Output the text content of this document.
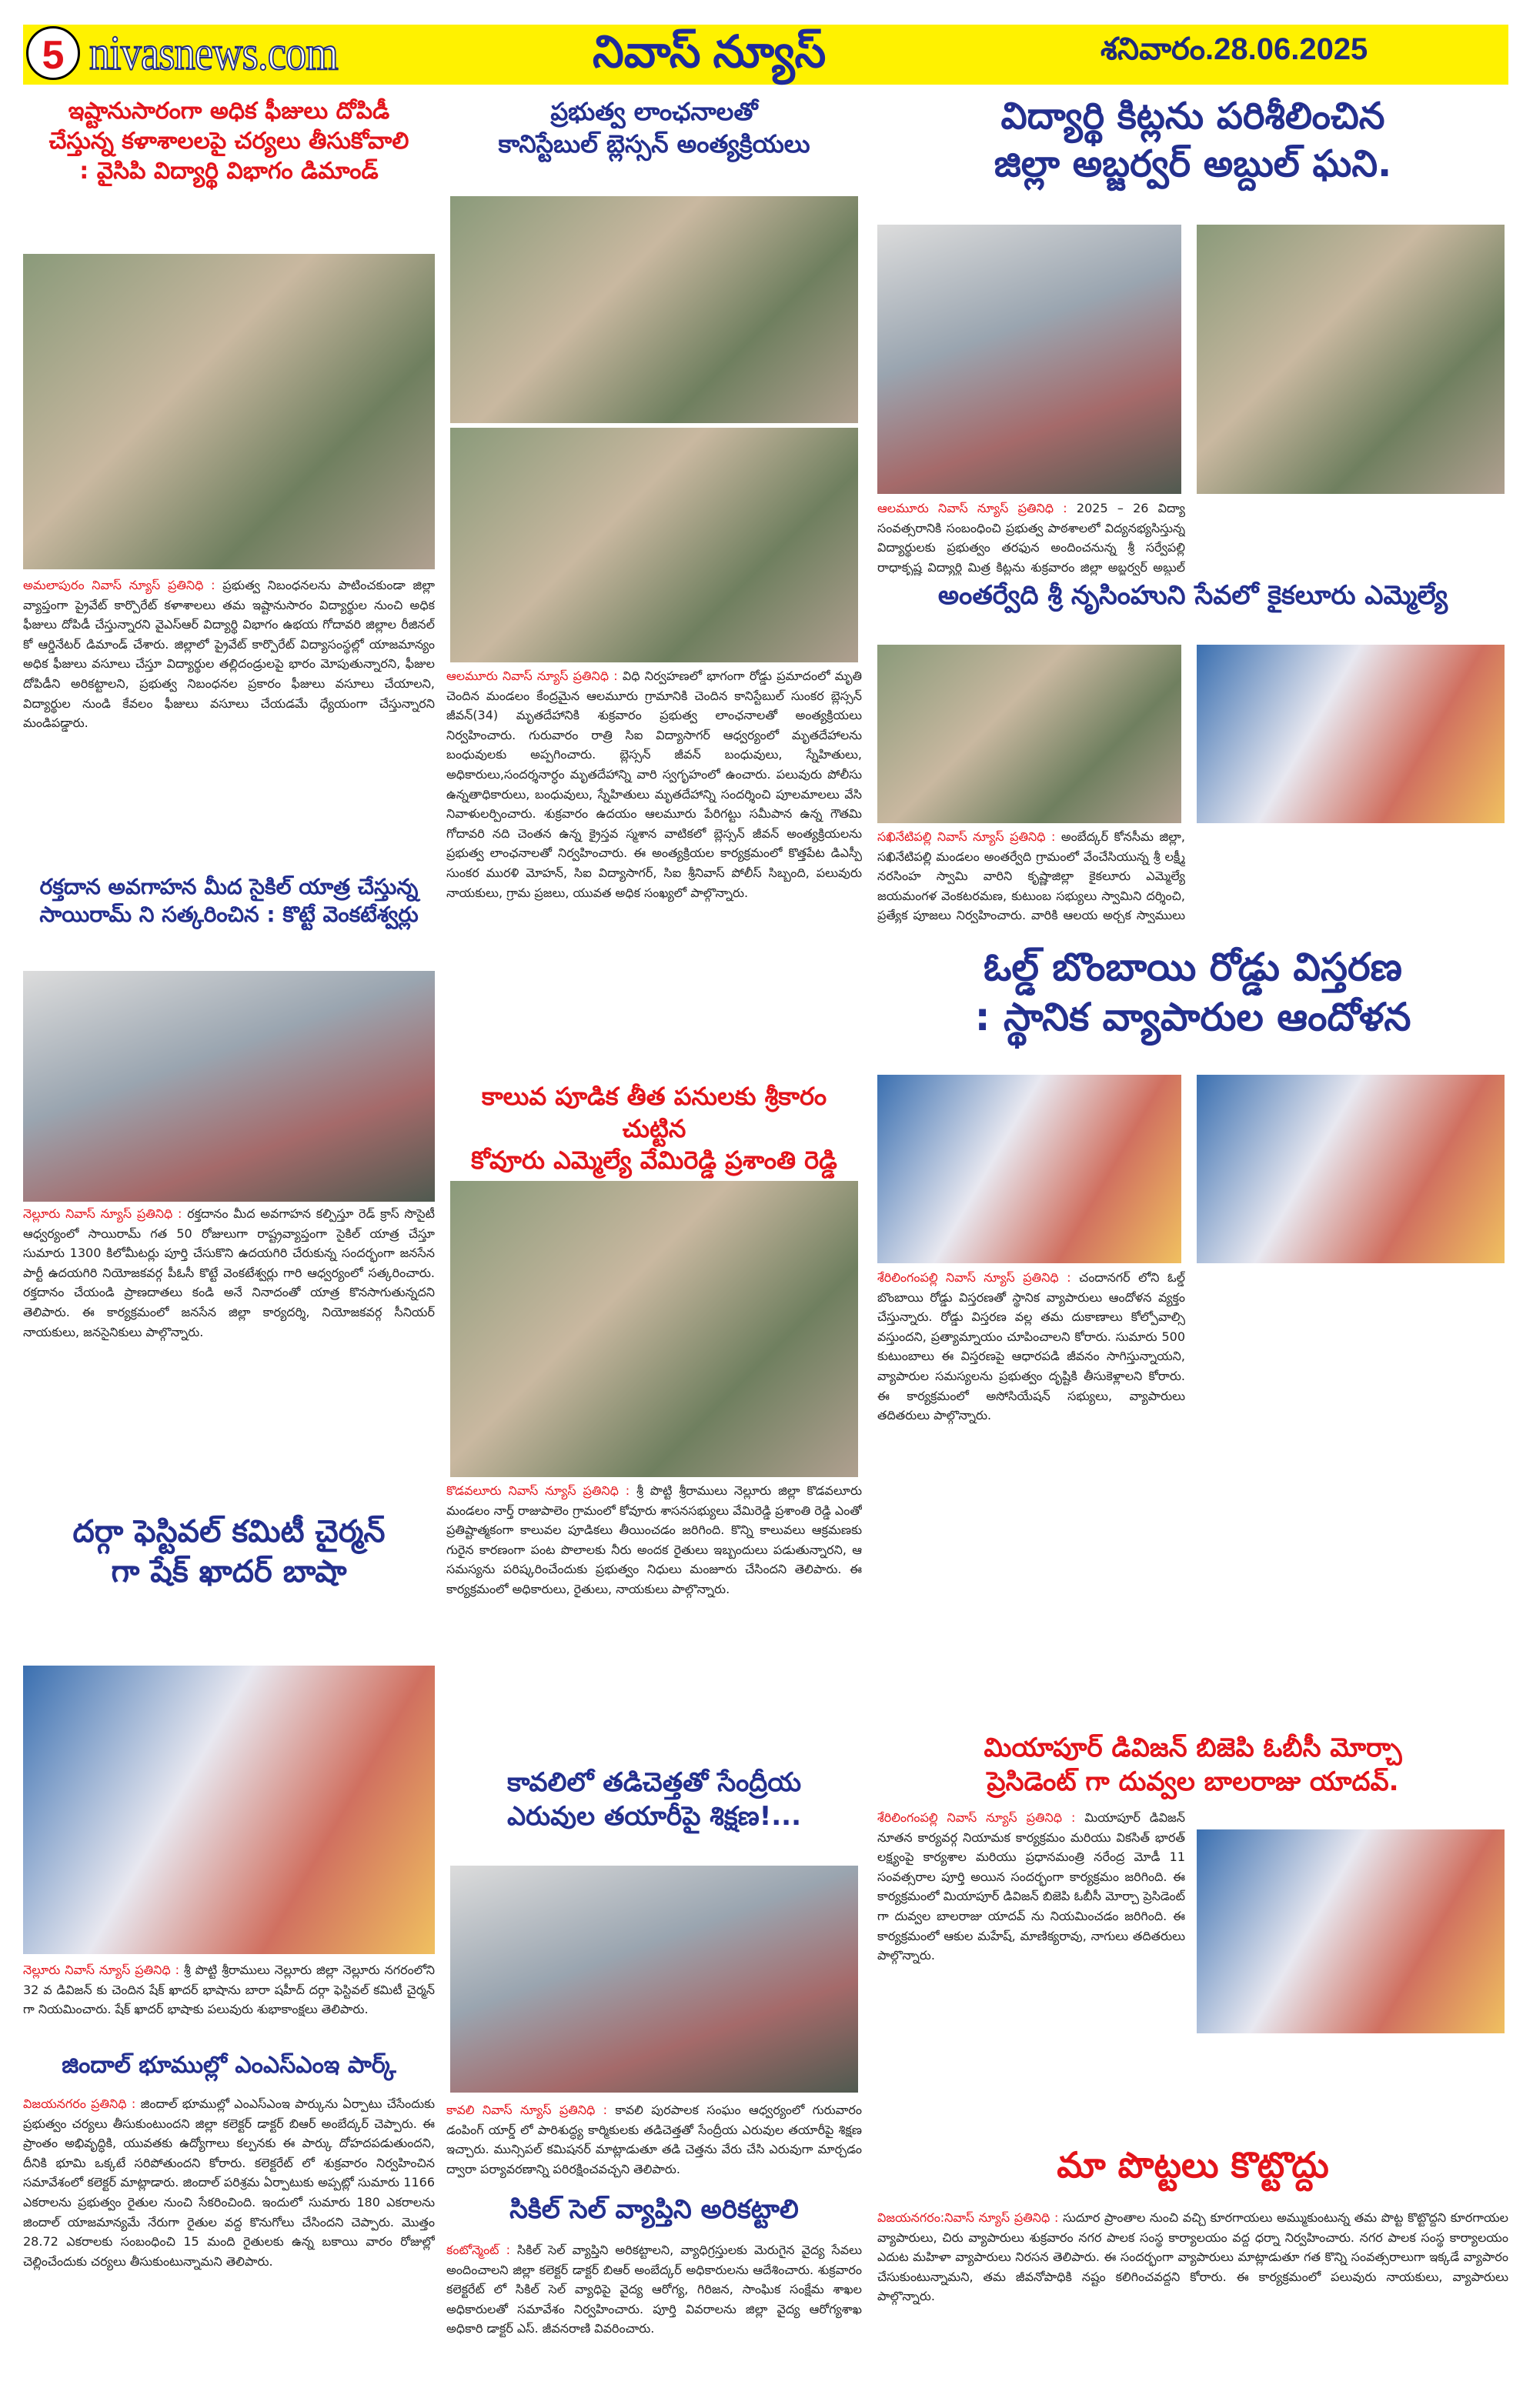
5 nivasnews.com	నివాస్ న్యూస్	శనివారం.28.06.2025
ఇష్టానుసారంగా అధిక ఫీజులు దోపిడీ
చేస్తున్న కళాశాలలపై చర్యలు తీసుకోవాలి
: వైసిపి విద్యార్థి విభాగం డిమాండ్
అమలాపురం నివాస్ న్యూస్ ప్రతినిధి : ప్రభుత్వ నిబంధనలను పాటించకుండా జిల్లా వ్యాప్తంగా ప్రైవేట్ కార్పొరేట్ కళాశాలలు తమ ఇష్టానుసారం విద్యార్థుల నుంచి అధిక ఫీజులు దోపిడీ చేస్తున్నారని వైఎస్ఆర్ విద్యార్థి విభాగం ఉభయ గోదావరి జిల్లాల రీజినల్ కో ఆర్డినేటర్ డిమాండ్ చేశారు. జిల్లాలో ప్రైవేట్ కార్పొరేట్ విద్యాసంస్థల్లో యాజమాన్యం అధిక ఫీజులు వసూలు చేస్తూ విద్యార్థుల తల్లిదండ్రులపై భారం మోపుతున్నారని, ఫీజుల దోపిడీని అరికట్టాలని, ప్రభుత్వ నిబంధనల ప్రకారం ఫీజులు వసూలు చేయాలని, విద్యార్థుల నుండి కేవలం ఫీజులు వసూలు చేయడమే ధ్యేయంగా చేస్తున్నారని మండిపడ్డారు.
రక్తదాన అవగాహన మీద సైకిల్ యాత్ర చేస్తున్న
సాయిరామ్ ని సత్కరించిన : కొట్టే వెంకటేశ్వర్లు
నెల్లూరు నివాస్ న్యూస్ ప్రతినిధి : రక్తదానం మీద అవగాహన కల్పిస్తూ రెడ్ క్రాస్ సొసైటీ ఆధ్వర్యంలో సాయిరామ్ గత 50 రోజులుగా రాష్ట్రవ్యాప్తంగా సైకిల్ యాత్ర చేస్తూ సుమారు 1300 కిలోమీటర్లు పూర్తి చేసుకొని ఉదయగిరి చేరుకున్న సందర్భంగా జనసేన పార్టీ ఉదయగిరి నియోజకవర్గ పీఓసీ కొట్టే వెంకటేశ్వర్లు గారి ఆధ్వర్యంలో సత్కరించారు. రక్తదానం చేయండి ప్రాణదాతలు కండి అనే నినాదంతో యాత్ర కొనసాగుతున్నదని తెలిపారు. ఈ కార్యక్రమంలో జనసేన జిల్లా కార్యదర్శి, నియోజకవర్గ సీనియర్ నాయకులు, జనసైనికులు పాల్గొన్నారు.
దర్గా ఫెస్టివల్ కమిటీ చైర్మన్
గా షేక్ ఖాదర్ బాషా
నెల్లూరు నివాస్ న్యూస్ ప్రతినిధి : శ్రీ పొట్టి శ్రీరాములు నెల్లూరు జిల్లా నెల్లూరు నగరంలోని 32 వ డివిజన్ కు చెందిన షేక్ ఖాదర్ భాషాను బారా షహీద్ దర్గా ఫెస్టివల్ కమిటీ చైర్మన్ గా నియమించారు. షేక్ ఖాదర్ భాషాకు పలువురు శుభాకాంక్షలు తెలిపారు.
జిందాల్ భూముల్లో ఎంఎస్ఎంఇ పార్క్
విజయనగరం ప్రతినిధి : జిందాల్ భూముల్లో ఎంఎస్ఎంఇ పార్కును ఏర్పాటు చేసేందుకు ప్రభుత్వం చర్యలు తీసుకుంటుందని జిల్లా కలెక్టర్ డాక్టర్ బిఆర్ అంబేద్కర్ చెప్పారు. ఈ ప్రాంతం అభివృద్ధికి, యువతకు ఉద్యోగాలు కల్పనకు ఈ పార్కు దోహదపడుతుందని, దీనికి భూమి ఒక్కటే సరిపోతుందని కోరారు. కలెక్టరేట్ లో శుక్రవారం నిర్వహించిన సమావేశంలో కలెక్టర్ మాట్లాడారు. జిందాల్ పరిశ్రమ ఏర్పాటుకు అప్పట్లో సుమారు 1166 ఎకరాలను ప్రభుత్వం రైతుల నుంచి సేకరించింది. ఇందులో సుమారు 180 ఎకరాలను జిందాల్ యాజమాన్యమే నేరుగా రైతుల వద్ద కొనుగోలు చేసిందని చెప్పారు. మొత్తం 28.72 ఎకరాలకు సంబంధించి 15 మంది రైతులకు ఉన్న బకాయి వారం రోజుల్లో చెల్లించేందుకు చర్యలు తీసుకుంటున్నామని తెలిపారు.
ప్రభుత్వ లాంఛనాలతో
కానిస్టేబుల్ బ్లెస్సన్ అంత్యక్రియలు
ఆలమూరు నివాస్ న్యూస్ ప్రతినిధి : విధి నిర్వహణలో భాగంగా రోడ్డు ప్రమాదంలో మృతి చెందిన మండలం కేంద్రమైన ఆలమూరు గ్రామానికి చెందిన కానిస్టేబుల్ సుంకర బ్లెస్సన్ జీవన్(34) మృతదేహానికి శుక్రవారం ప్రభుత్వ లాంఛనాలతో అంత్యక్రియలు నిర్వహించారు. గురువారం రాత్రి సిఐ విద్యాసాగర్ ఆధ్వర్యంలో మృతదేహాలను బంధువులకు అప్పగించారు. బ్లెస్సన్ జీవన్ బంధువులు, స్నేహితులు, అధికారులు,సందర్శనార్ధం మృతదేహాన్ని వారి స్వగృహంలో ఉంచారు. పలువురు పోలీసు ఉన్నతాధికారులు, బంధువులు, స్నేహితులు మృతదేహాన్ని సందర్శించి పూలమాలలు వేసి నివాళులర్పించారు. శుక్రవారం ఉదయం ఆలమూరు పేరిగట్టు సమీపాన ఉన్న గౌతమి గోదావరి నది చెంతన ఉన్న క్రైస్తవ స్మశాన వాటికలో బ్లెస్సన్ జీవన్ అంత్యక్రియలను ప్రభుత్వ లాంఛనాలతో నిర్వహించారు. ఈ అంత్యక్రియల కార్యక్రమంలో కొత్తపేట డిఎస్పీ సుంకర మురళి మోహన్, సిఐ విద్యాసాగర్, సిఐ శ్రీనివాస్ పోలీస్ సిబ్బంది, పలువురు నాయకులు, గ్రామ ప్రజలు, యువత అధిక సంఖ్యలో పాల్గొన్నారు.
కాలువ పూడిక తీత పనులకు శ్రీకారం చుట్టిన
కోవూరు ఎమ్మెల్యే వేమిరెడ్డి ప్రశాంతి రెడ్డి
కొడవలూరు నివాస్ న్యూస్ ప్రతినిధి : శ్రీ పొట్టి శ్రీరాములు నెల్లూరు జిల్లా కొడవలూరు మండలం నార్త్ రాజుపాలెం గ్రామంలో కోవూరు శాసనసభ్యులు వేమిరెడ్డి ప్రశాంతి రెడ్డి ఎంతో ప్రతిష్టాత్మకంగా కాలువల పూడికలు తీయించడం జరిగింది. కొన్ని కాలువలు ఆక్రమణకు గురైన కారణంగా పంట పొలాలకు నీరు అందక రైతులు ఇబ్బందులు పడుతున్నారని, ఆ సమస్యను పరిష్కరించేందుకు ప్రభుత్వం నిధులు మంజూరు చేసిందని తెలిపారు. ఈ కార్యక్రమంలో అధికారులు, రైతులు, నాయకులు పాల్గొన్నారు.
కావలిలో తడిచెత్తతో సేంద్రీయ
ఎరువుల తయారీపై శిక్షణ!...
కావలి నివాస్ న్యూస్ ప్రతినిధి : కావలి పురపాలక సంఘం ఆధ్వర్యంలో గురువారం డంపింగ్ యార్డ్ లో పారిశుద్ధ్య కార్మికులకు తడిచెత్తతో సేంద్రీయ ఎరువుల తయారీపై శిక్షణ ఇచ్చారు. మున్సిపల్ కమిషనర్ మాట్లాడుతూ తడి చెత్తను వేరు చేసి ఎరువుగా మార్చడం ద్వారా పర్యావరణాన్ని పరిరక్షించవచ్చని తెలిపారు.
సికిల్ సెల్ వ్యాప్తిని అరికట్టాలి
కంటోన్మెంట్ : సికిల్ సెల్ వ్యాప్తిని అరికట్టాలని, వ్యాధిగ్రస్తులకు మెరుగైన వైద్య సేవలు అందించాలని జిల్లా కలెక్టర్ డాక్టర్ బిఆర్ అంబేద్కర్ అధికారులను ఆదేశించారు. శుక్రవారం కలెక్టరేట్ లో సికిల్ సెల్ వ్యాధిపై వైద్య ఆరోగ్య, గిరిజన, సాంఘిక సంక్షేమ శాఖల అధికారులతో సమావేశం నిర్వహించారు. పూర్తి వివరాలను జిల్లా వైద్య ఆరోగ్యశాఖ అధికారి డాక్టర్ ఎస్. జీవనరాణి వివరించారు.
విద్యార్థి కిట్లను పరిశీలించిన
జిల్లా అబ్జర్వర్ అబ్దుల్ ఘని.
ఆలమూరు నివాస్ న్యూస్ ప్రతినిధి : 2025 – 26 విద్యా సంవత్సరానికి సంబంధించి ప్రభుత్వ పాఠశాలలో విద్యనభ్యసిస్తున్న విద్యార్థులకు ప్రభుత్వం తరఫున అందించనున్న శ్రీ సర్వేపల్లి రాధాకృష్ణ విద్యార్థి మిత్ర కిట్లను శుక్రవారం జిల్లా అబ్జర్వర్ అబ్దుల్
అంతర్వేది శ్రీ నృసింహుని సేవలో కైకలూరు ఎమ్మెల్యే
సఖినేటిపల్లి నివాస్ న్యూస్ ప్రతినిధి : అంబేద్కర్ కోనసీమ జిల్లా, సఖినేటిపల్లి మండలం అంతర్వేది గ్రామంలో వేంచేసియున్న శ్రీ లక్ష్మీ నరసింహ స్వామి వారిని కృష్ణాజిల్లా కైకలూరు ఎమ్మెల్యే జయమంగళ వెంకటరమణ, కుటుంబ సభ్యులు స్వామిని దర్శించి, ప్రత్యేక పూజలు నిర్వహించారు. వారికి ఆలయ అర్చక స్వాములు
ఓల్డ్ బొంబాయి రోడ్డు విస్తరణ
: స్థానిక వ్యాపారుల ఆందోళన
శేరిలింగంపల్లి నివాస్ న్యూస్ ప్రతినిధి : చందానగర్ లోని ఓల్డ్ బొంబాయి రోడ్డు విస్తరణతో స్థానిక వ్యాపారులు ఆందోళన వ్యక్తం చేస్తున్నారు. రోడ్డు విస్తరణ వల్ల తమ దుకాణాలు కోల్పోవాల్సి వస్తుందని, ప్రత్యామ్నాయం చూపించాలని కోరారు. సుమారు 500 కుటుంబాలు ఈ విస్తరణపై ఆధారపడి జీవనం సాగిస్తున్నాయని, వ్యాపారుల సమస్యలను ప్రభుత్వం దృష్టికి తీసుకెళ్లాలని కోరారు. ఈ కార్యక్రమంలో అసోసియేషన్ సభ్యులు, వ్యాపారులు తదితరులు పాల్గొన్నారు.
మియాపూర్ డివిజన్ బిజెపి ఓబీసీ మోర్చా
ప్రెసిడెంట్ గా దువ్వల బాలరాజు యాదవ్.
శేరిలింగంపల్లి నివాస్ న్యూస్ ప్రతినిధి : మియాపూర్ డివిజన్ నూతన కార్యవర్గ నియామక కార్యక్రమం మరియు వికసిత్ భారత్ లక్ష్యంపై కార్యశాల మరియు ప్రధానమంత్రి నరేంద్ర మోడీ 11 సంవత్సరాల పూర్తి అయిన సందర్భంగా కార్యక్రమం జరిగింది. ఈ కార్యక్రమంలో మియాపూర్ డివిజన్ బిజెపి ఓబీసీ మోర్చా ప్రెసిడెంట్ గా దువ్వల బాలరాజు యాదవ్ ను నియమించడం జరిగింది. ఈ కార్యక్రమంలో ఆకుల మహేష్, మాణిక్యరావు, నాగులు తదితరులు పాల్గొన్నారు.
మా పొట్టలు కొట్టొద్దు
విజయనగరం:నివాస్ న్యూస్ ప్రతినిధి : సుదూర ప్రాంతాల నుంచి వచ్చి కూరగాయలు అమ్ముకుంటున్న తమ పొట్ట కొట్టొద్దని కూరగాయల వ్యాపారులు, చిరు వ్యాపారులు శుక్రవారం నగర పాలక సంస్థ కార్యాలయం వద్ద ధర్నా నిర్వహించారు. నగర పాలక సంస్థ కార్యాలయం ఎదుట మహిళా వ్యాపారులు నిరసన తెలిపారు. ఈ సందర్భంగా వ్యాపారులు మాట్లాడుతూ గత కొన్ని సంవత్సరాలుగా ఇక్కడే వ్యాపారం చేసుకుంటున్నామని, తమ జీవనోపాధికి నష్టం కలిగించవద్దని కోరారు. ఈ కార్యక్రమంలో పలువురు నాయకులు, వ్యాపారులు పాల్గొన్నారు.
